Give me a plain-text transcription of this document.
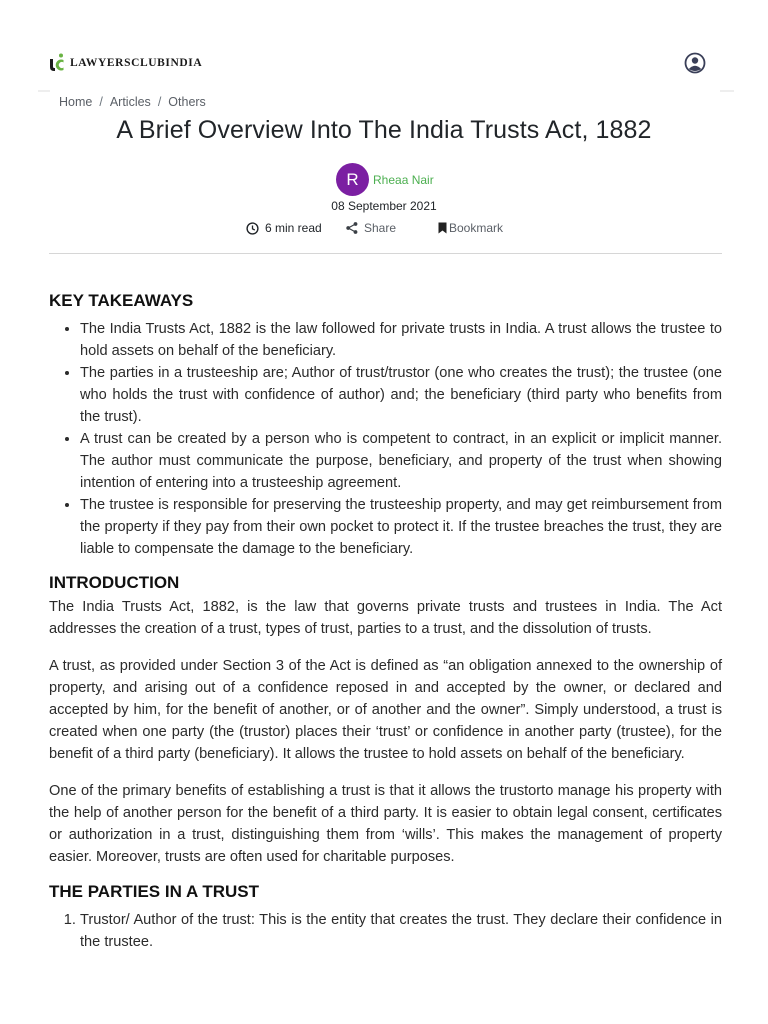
LAWYERSCLUBINDIA
Home / Articles / Others
A Brief Overview Into The India Trusts Act, 1882
R	Rheaa Nair
08 September 2021
6 min read	Share	Bookmark
KEY TAKEAWAYS
• The India Trusts Act, 1882 is the law followed for private trusts in India. A trust allows the trustee to hold assets on behalf of the beneficiary.
• The parties in a trusteeship are; Author of trust/trustor (one who creates the trust); the trustee (one who holds the trust with confidence of author) and; the beneficiary (third party who benefits from the trust).
• A trust can be created by a person who is competent to contract, in an explicit or implicit manner. The author must communicate the purpose, beneficiary, and property of the trust when showing intention of entering into a trusteeship agreement.
• The trustee is responsible for preserving the trusteeship property, and may get reimbursement from the property if they pay from their own pocket to protect it. If the trustee breaches the trust, they are liable to compensate the damage to the beneficiary.
INTRODUCTION

The India Trusts Act, 1882, is the law that governs private trusts and trustees in India. The Act addresses the creation of a trust, types of trust, parties to a trust, and the dissolution of trusts.

A trust, as provided under Section 3 of the Act is defined as “an obligation annexed to the ownership of property, and arising out of a confidence reposed in and accepted by the owner, or declared and accepted by him, for the benefit of another, or of another and the owner”. Simply understood, a trust is created when one party (the (trustor) places their ‘trust’ or confidence in another party (trustee), for the benefit of a third party (beneficiary). It allows the trustee to hold assets on behalf of the beneficiary.

One of the primary benefits of establishing a trust is that it allows the trustorto manage his property with the help of another person for the benefit of a third party. It is easier to obtain legal consent, certificates or authorization in a trust, distinguishing them from ‘wills’. This makes the management of property easier. Moreover, trusts are often used for charitable purposes.

THE PARTIES IN A TRUST
1. Trustor/ Author of the trust: This is the entity that creates the trust. They declare their confidence in the trustee.
